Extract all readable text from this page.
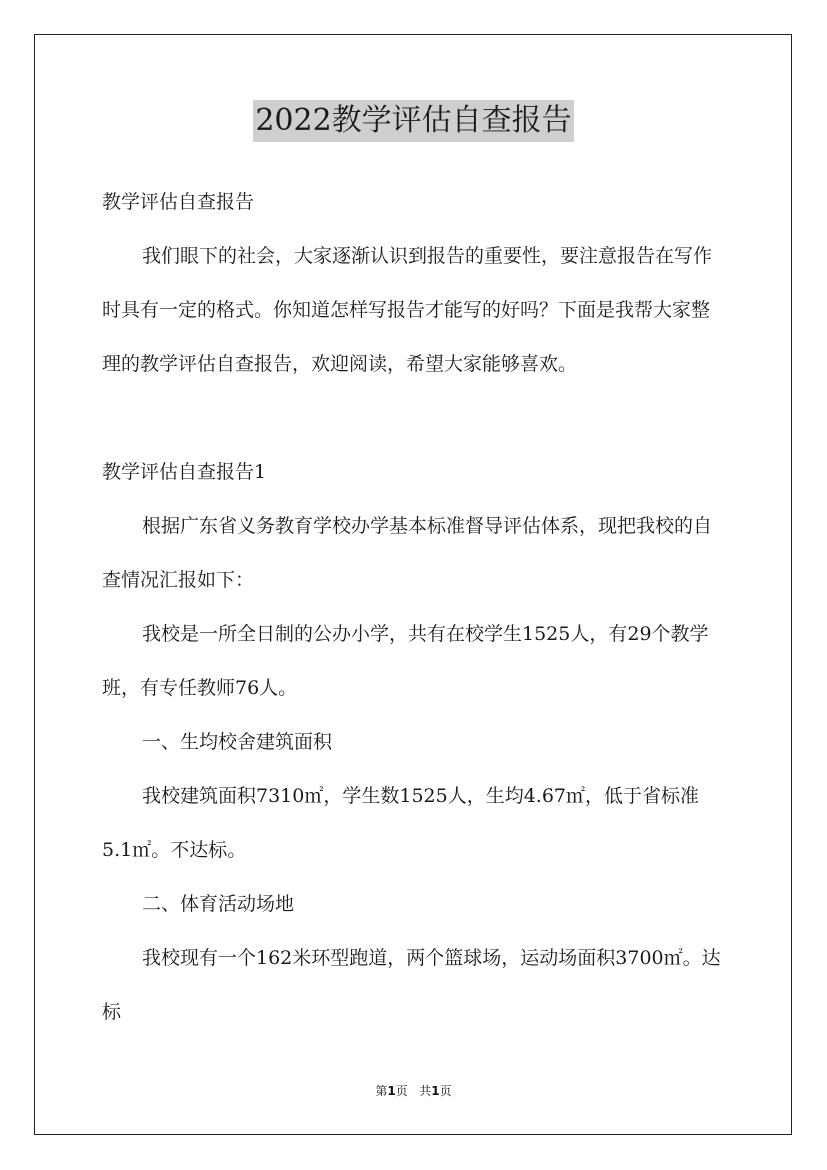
2022教学评估自查报告

教学评估自查报告

我们眼下的社会，大家逐渐认识到报告的重要性，要注意报告在写作时具有一定的格式。你知道怎样写报告才能写的好吗？下面是我帮大家整理的教学评估自查报告，欢迎阅读，希望大家能够喜欢。

教学评估自查报告1

根据广东省义务教育学校办学基本标准督导评估体系，现把我校的自查情况汇报如下：

我校是一所全日制的公办小学，共有在校学生1525人，有29个教学班，有专任教师76人。

一、生均校舍建筑面积

我校建筑面积7310㎡，学生数1525人，生均4.67㎡，低于省标准5.1㎡。不达标。

二、体育活动场地

我校现有一个162米环型跑道，两个篮球场，运动场面积3700㎡。达标

第1页 共1页
